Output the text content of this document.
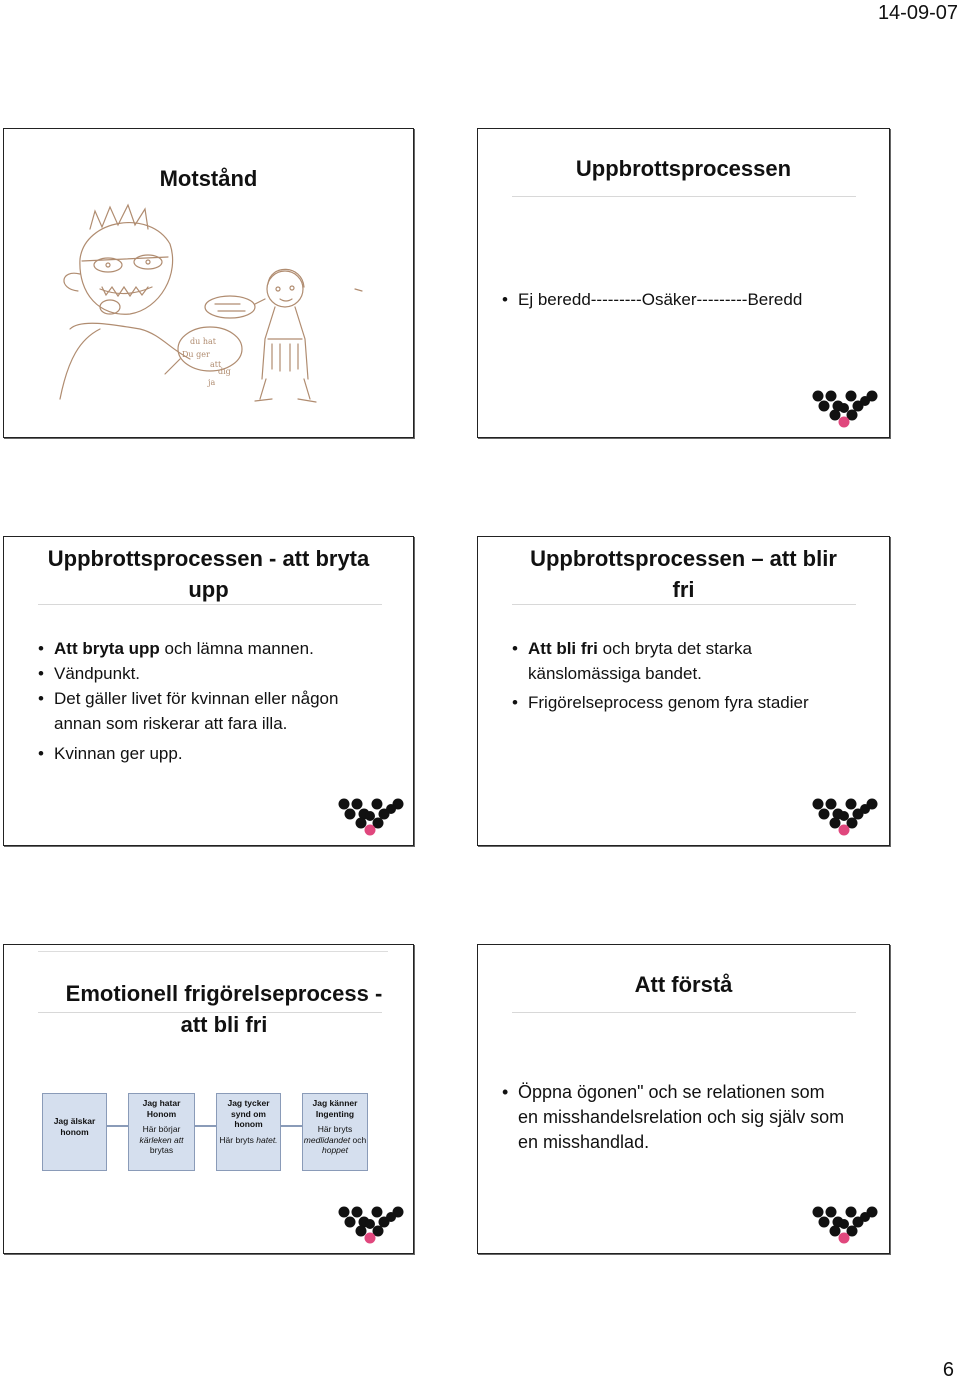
14-09-07
Motstånd
du hat
Du ger
att
dig
ja
Uppbrottsprocessen
• Ej beredd---------Osäker---------Beredd
Uppbrottsprocessen - att bryta
upp
• Att bryta upp och lämna mannen.
• Vändpunkt.
• Det gäller livet för kvinnan eller någon
annan som riskerar att fara illa.
• Kvinnan ger upp.
Uppbrottsprocessen – att blir
fri
• Att bli fri och bryta det starka
känslomässiga bandet.
• Frigörelseprocess genom fyra stadier
Jag älskar honom
Jag hatar Honom
Här börjar
kärleken att
brytas
Jag tycker synd om honom
Här bryts hatet.
Jag känner Ingenting
Här bryts
medlidandet och
hoppet
Emotionell frigörelseprocess -
att bli fri
Att förstå
• Öppna ögonen" och se relationen som
en misshandelsrelation och sig själv som
en misshandlad.
6
